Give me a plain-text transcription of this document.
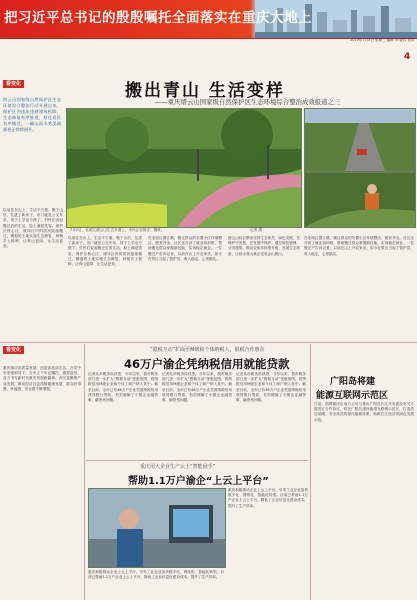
把习近平总书记的殷殷嘱托全面落实在重庆大地上
2019年7月3日 星期三 编辑 李 版式 校对
4
看变化
缙云山国家级自然保护区生态环境综合整治行动开展以来，保护区内违法违规建筑拆除，生态修复有序推进，原住居民有序搬迁，一幅山清水秀美丽画卷正徐徐展开。
搬出青山 生活变样
——重庆缙云山国家级自然保护区生态环境综合整治成效报道之三
7月2日，北碚区缙云山生态步道上，市民正在散步、锻炼。	记者 摄
以前住在山上，生活不方便。搬下山后，住进了新房子，出门就是公交车站，孩子上学也方便了。村民们说起搬迁后的生活，脸上满是笑容。保护区核心区、缓冲区内的居民陆续搬迁，腾退的土地实施生态修复，种植乡土树种，让青山更绿、让生活更美。
以前住在山上，生活不方便。搬下山后，住进了新房子，出门就是公交车站，孩子上学也方便了。村民们说起搬迁后的生活，脸上满是笑容。保护区核心区、缓冲区内的居民陆续搬迁，腾退的土地实施生态修复，种植乡土树种，让青山更绿、让生活更美。
在北碚区澄江镇，搬迁群众的安置小区环境整洁，配套齐全。社区还开设了就业培训班，帮助搬迁群众掌握新技能，实现稳定就业。一位搬迁户告诉记者，以前在山上开农家乐，如今在景区当起了管护员，收入稳定，心里踏实。
缙云山综合整治坚持生态优先、绿色发展，在保护中发展，在发展中保护。通过规范管理、分类施策，推动农家乐转型升级，发展生态旅游，让绿水青山真正变成金山银山。
在北碚区澄江镇，搬迁群众的安置小区环境整洁，配套齐全。社区还开设了就业培训班，帮助搬迁群众掌握新技能，实现稳定就业。一位搬迁户告诉记者，以前在山上开农家乐，如今在景区当起了管护员，收入稳定，心里踏实。
看变化
重庆推动高质量发展，创造高品质生活，在党中央坚强领导下，全市上下牢记嘱托、感恩奋进，奋力书写新时代重庆发展新篇章。各区县聚焦产业发展，推动经济社会持续健康发展，群众获得感、幸福感、安全感不断增强。
“银税互动”扩面至M级和个体纳税人，银税合作惠企
46万户渝企凭纳税信用就能贷款
记者从市税务局获悉，今年以来，我市税务部门进一步扩大“银税互动”受惠范围，将纳税信用M级企业和个体工商户纳入其中。截至目前，全市已有46万户企业凭借纳税信用获得银行贷款，有效缓解了小微企业融资难、融资贵问题。
记者从市税务局获悉，今年以来，我市税务部门进一步扩大“银税互动”受惠范围，将纳税信用M级企业和个体工商户纳入其中。截至目前，全市已有46万户企业凭借纳税信用获得银行贷款，有效缓解了小微企业融资难、融资贵问题。
记者从市税务局获悉，今年以来，我市税务部门进一步扩大“银税互动”受惠范围，将纳税信用M级企业和个体工商户纳入其中。截至目前，全市已有46万户企业凭借纳税信用获得银行贷款，有效缓解了小微企业融资难、融资贵问题。
重庆用大企业生产云上“智能园手”
帮助1.1万户渝企“上云上平台”
重庆积极推动企业上云上平台，引导工业企业加快数字化、网络化、智能化转型。目前已帮助1.1万户企业上云上平台，降低了企业信息化建设成本，提升了生产效率。
重庆积极推动企业上云上平台，引导工业企业加快数字化、网络化、智能化转型。目前已帮助1.1万户企业上云上平台，降低了企业信息化建设成本，提升了生产效率。
广阳岛将建
能源互联网示范区
日前，国网重庆市电力公司与重庆广阳岛片区开发建设有关方面签订合作协议，将在广阳岛建设能源互联网示范区，打造清洁低碳、安全高效的现代能源体系，助推长江经济带绿色发展示范。
